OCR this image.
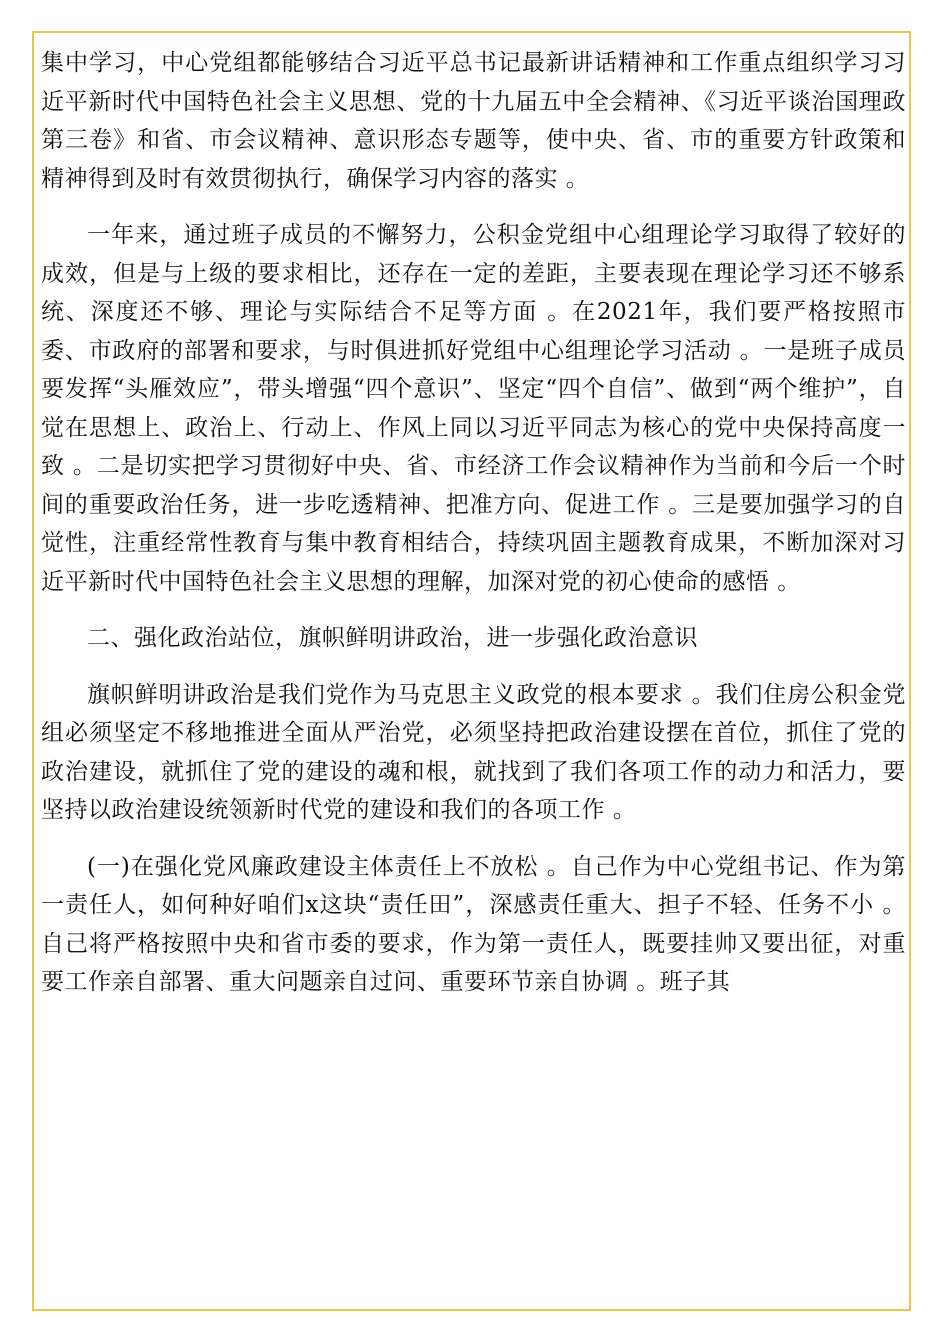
集中学习，中心党组都能够结合习近平总书记最新讲话精神和工作重点组织学习习近平新时代中国特色社会主义思想、党的十九届五中全会精神、《习近平谈治国理政第三卷》和省、市会议精神、意识形态专题等，使中央、省、市的重要方针政策和精神得到及时有效贯彻执行，确保学习内容的落实 。

一年来，通过班子成员的不懈努力，公积金党组中心组理论学习取得了较好的成效，但是与上级的要求相比，还存在一定的差距，主要表现在理论学习还不够系统、深度还不够、理论与实际结合不足等方面 。在2021年，我们要严格按照市委、市政府的部署和要求，与时俱进抓好党组中心组理论学习活动 。一是班子成员要发挥“头雁效应”，带头增强“四个意识”、坚定“四个自信”、做到“两个维护”，自觉在思想上、政治上、行动上、作风上同以习近平同志为核心的党中央保持高度一致 。二是切实把学习贯彻好中央、省、市经济工作会议精神作为当前和今后一个时间的重要政治任务，进一步吃透精神、把准方向、促进工作 。三是要加强学习的自觉性，注重经常性教育与集中教育相结合，持续巩固主题教育成果，不断加深对习近平新时代中国特色社会主义思想的理解，加深对党的初心使命的感悟 。

二、强化政治站位，旗帜鲜明讲政治，进一步强化政治意识

旗帜鲜明讲政治是我们党作为马克思主义政党的根本要求 。我们住房公积金党组必须坚定不移地推进全面从严治党，必须坚持把政治建设摆在首位，抓住了党的政治建设，就抓住了党的建设的魂和根，就找到了我们各项工作的动力和活力，要坚持以政治建设统领新时代党的建设和我们的各项工作 。

(一)在强化党风廉政建设主体责任上不放松 。自己作为中心党组书记、作为第一责任人，如何种好咱们x这块“责任田”，深感责任重大、担子不轻、任务不小 。自己将严格按照中央和省市委的要求，作为第一责任人，既要挂帅又要出征，对重要工作亲自部署、重大问题亲自过问、重要环节亲自协调 。班子其
